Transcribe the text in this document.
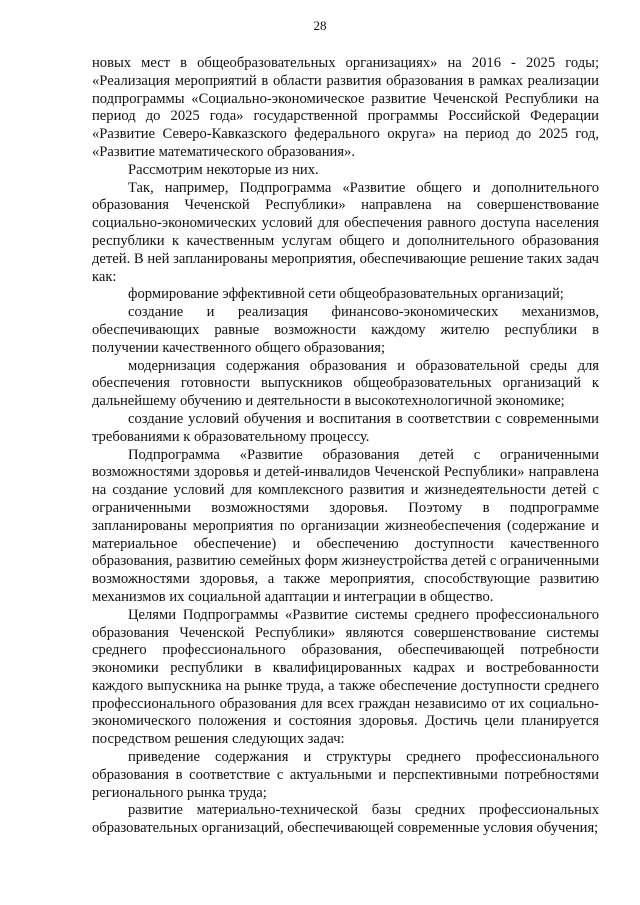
28

новых мест в общеобразовательных организациях» на 2016 - 2025 годы; «Реализация мероприятий в области развития образования в рамках реализации подпрограммы «Социально-экономическое развитие Чеченской Республики на период до 2025 года» государственной программы Российской Федерации «Развитие Северо-Кавказского федерального округа» на период до 2025 год, «Развитие математического образования».

Рассмотрим некоторые из них.

Так, например, Подпрограмма «Развитие общего и дополнительного образования Чеченской Республики» направлена на совершенствование социально-экономических условий для обеспечения равного доступа населения республики к качественным услугам общего и дополнительного образования детей. В ней запланированы мероприятия, обеспечивающие решение таких задач как:

формирование эффективной сети общеобразовательных организаций;

создание и реализация финансово-экономических механизмов, обеспечивающих равные возможности каждому жителю республики в получении качественного общего образования;

модернизация содержания образования и образовательной среды для обеспечения готовности выпускников общеобразовательных организаций к дальнейшему обучению и деятельности в высокотехнологичной экономике;

создание условий обучения и воспитания в соответствии с современными требованиями к образовательному процессу.

Подпрограмма «Развитие образования детей с ограниченными возможностями здоровья и детей-инвалидов Чеченской Республики» направлена на создание условий для комплексного развития и жизнедеятельности детей с ограниченными возможностями здоровья. Поэтому в подпрограмме запланированы мероприятия по организации жизнеобеспечения (содержание и материальное обеспечение) и обеспечению доступности качественного образования, развитию семейных форм жизнеустройства детей с ограниченными возможностями здоровья, а также мероприятия, способствующие развитию механизмов их социальной адаптации и интеграции в общество.

Целями Подпрограммы «Развитие системы среднего профессионального образования Чеченской Республики» являются совершенствование системы среднего профессионального образования, обеспечивающей потребности экономики республики в квалифицированных кадрах и востребованности каждого выпускника на рынке труда, а также обеспечение доступности среднего профессионального образования для всех граждан независимо от их социально-экономического положения и состояния здоровья. Достичь цели планируется посредством решения следующих задач:

приведение содержания и структуры среднего профессионального образования в соответствие с актуальными и перспективными потребностями регионального рынка труда;

развитие материально-технической базы средних профессиональных образовательных организаций, обеспечивающей современные условия обучения;
